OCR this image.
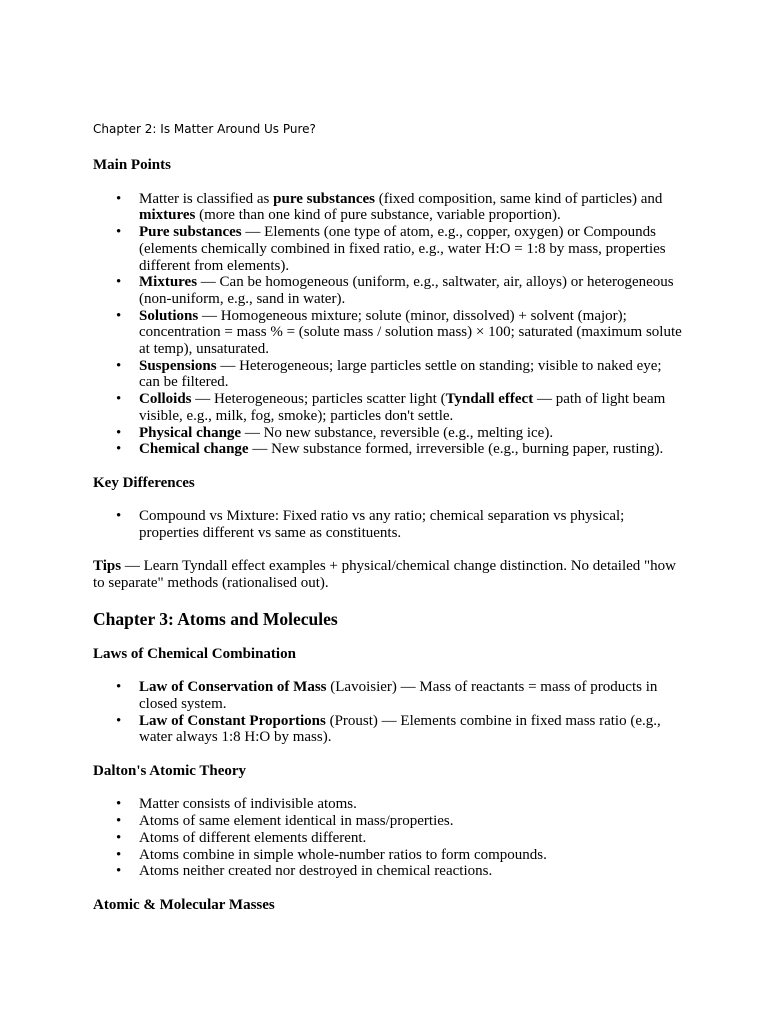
Chapter 2: Is Matter Around Us Pure?
Main Points
• Matter is classified as pure substances (fixed composition, same kind of particles) and mixtures (more than one kind of pure substance, variable proportion).
• Pure substances — Elements (one type of atom, e.g., copper, oxygen) or Compounds (elements chemically combined in fixed ratio, e.g., water H:O = 1:8 by mass, properties different from elements).
• Mixtures — Can be homogeneous (uniform, e.g., saltwater, air, alloys) or heterogeneous (non-uniform, e.g., sand in water).
• Solutions — Homogeneous mixture; solute (minor, dissolved) + solvent (major); concentration = mass % = (solute mass / solution mass) × 100; saturated (maximum solute at temp), unsaturated.
• Suspensions — Heterogeneous; large particles settle on standing; visible to naked eye; can be filtered.
• Colloids — Heterogeneous; particles scatter light (Tyndall effect — path of light beam visible, e.g., milk, fog, smoke); particles don't settle.
• Physical change — No new substance, reversible (e.g., melting ice).
• Chemical change — New substance formed, irreversible (e.g., burning paper, rusting).
Key Differences
• Compound vs Mixture: Fixed ratio vs any ratio; chemical separation vs physical; properties different vs same as constituents.

Tips — Learn Tyndall effect examples + physical/chemical change distinction. No detailed "how to separate" methods (rationalised out).

Chapter 3: Atoms and Molecules
Laws of Chemical Combination
• Law of Conservation of Mass (Lavoisier) — Mass of reactants = mass of products in closed system.
• Law of Constant Proportions (Proust) — Elements combine in fixed mass ratio (e.g., water always 1:8 H:O by mass).
Dalton's Atomic Theory
• Matter consists of indivisible atoms.
• Atoms of same element identical in mass/properties.
• Atoms of different elements different.
• Atoms combine in simple whole-number ratios to form compounds.
• Atoms neither created nor destroyed in chemical reactions.
Atomic & Molecular Masses
